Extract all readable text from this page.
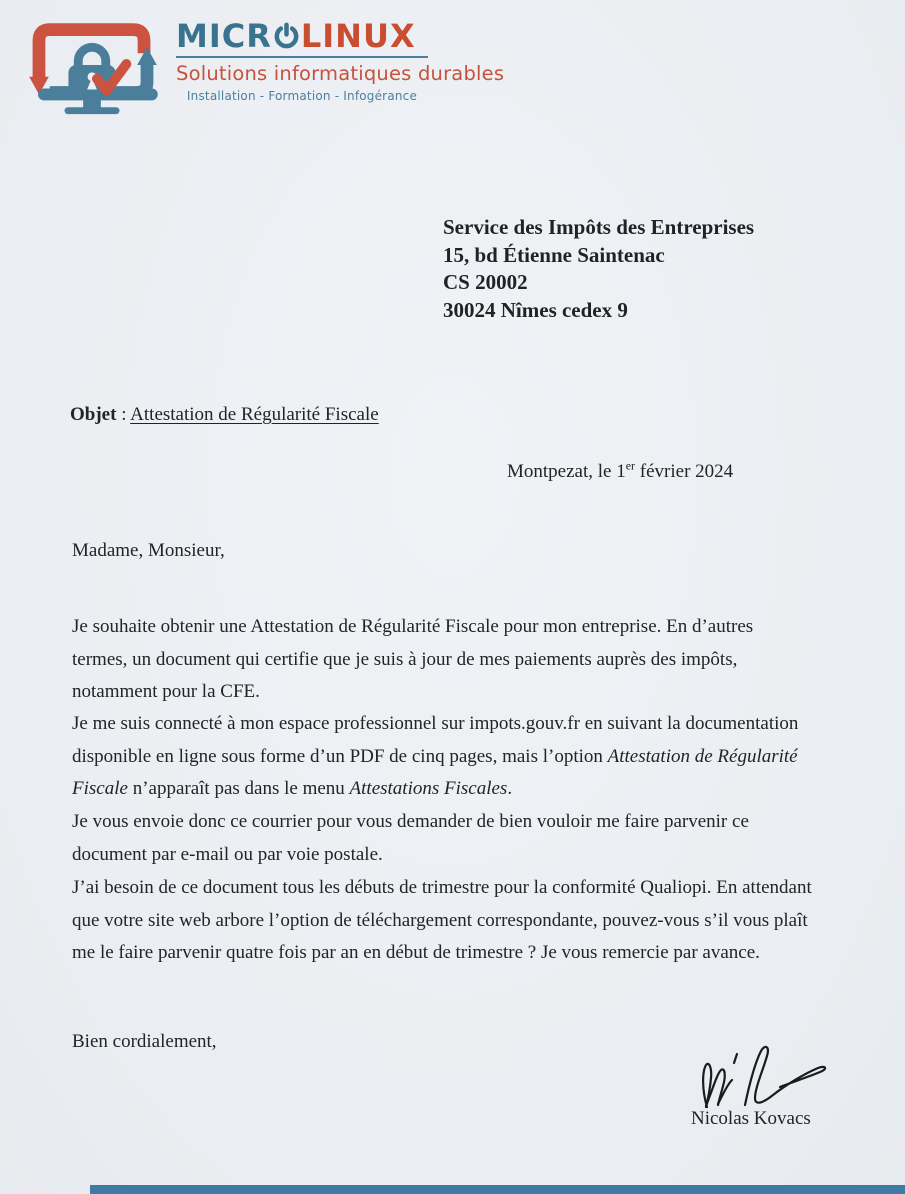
MICR LINUX
Solutions informatiques durables
Installation - Formation - Infogérance
Service des Impôts des Entreprises
15, bd Étienne Saintenac
CS 20002
30024 Nîmes cedex 9
Objet : Attestation de Régularité Fiscale
Montpezat, le 1er février 2024
Madame, Monsieur,

Je souhaite obtenir une Attestation de Régularité Fiscale pour mon entreprise. En d’autres termes, un document qui certifie que je suis à jour de mes paiements auprès des impôts, notamment pour la CFE.

Je me suis connecté à mon espace professionnel sur impots.gouv.fr en suivant la documentation disponible en ligne sous forme d’un PDF de cinq pages, mais l’option Attestation de Régularité Fiscale n’apparaît pas dans le menu Attestations Fiscales.

Je vous envoie donc ce courrier pour vous demander de bien vouloir me faire parvenir ce document par e-mail ou par voie postale.

J’ai besoin de ce document tous les débuts de trimestre pour la conformité Qualiopi. En attendant que votre site web arbore l’option de téléchargement correspondante, pouvez-vous s’il vous plaît me le faire parvenir quatre fois par an en début de trimestre ? Je vous remercie par avance.

Bien cordialement,
Nicolas Kovacs
